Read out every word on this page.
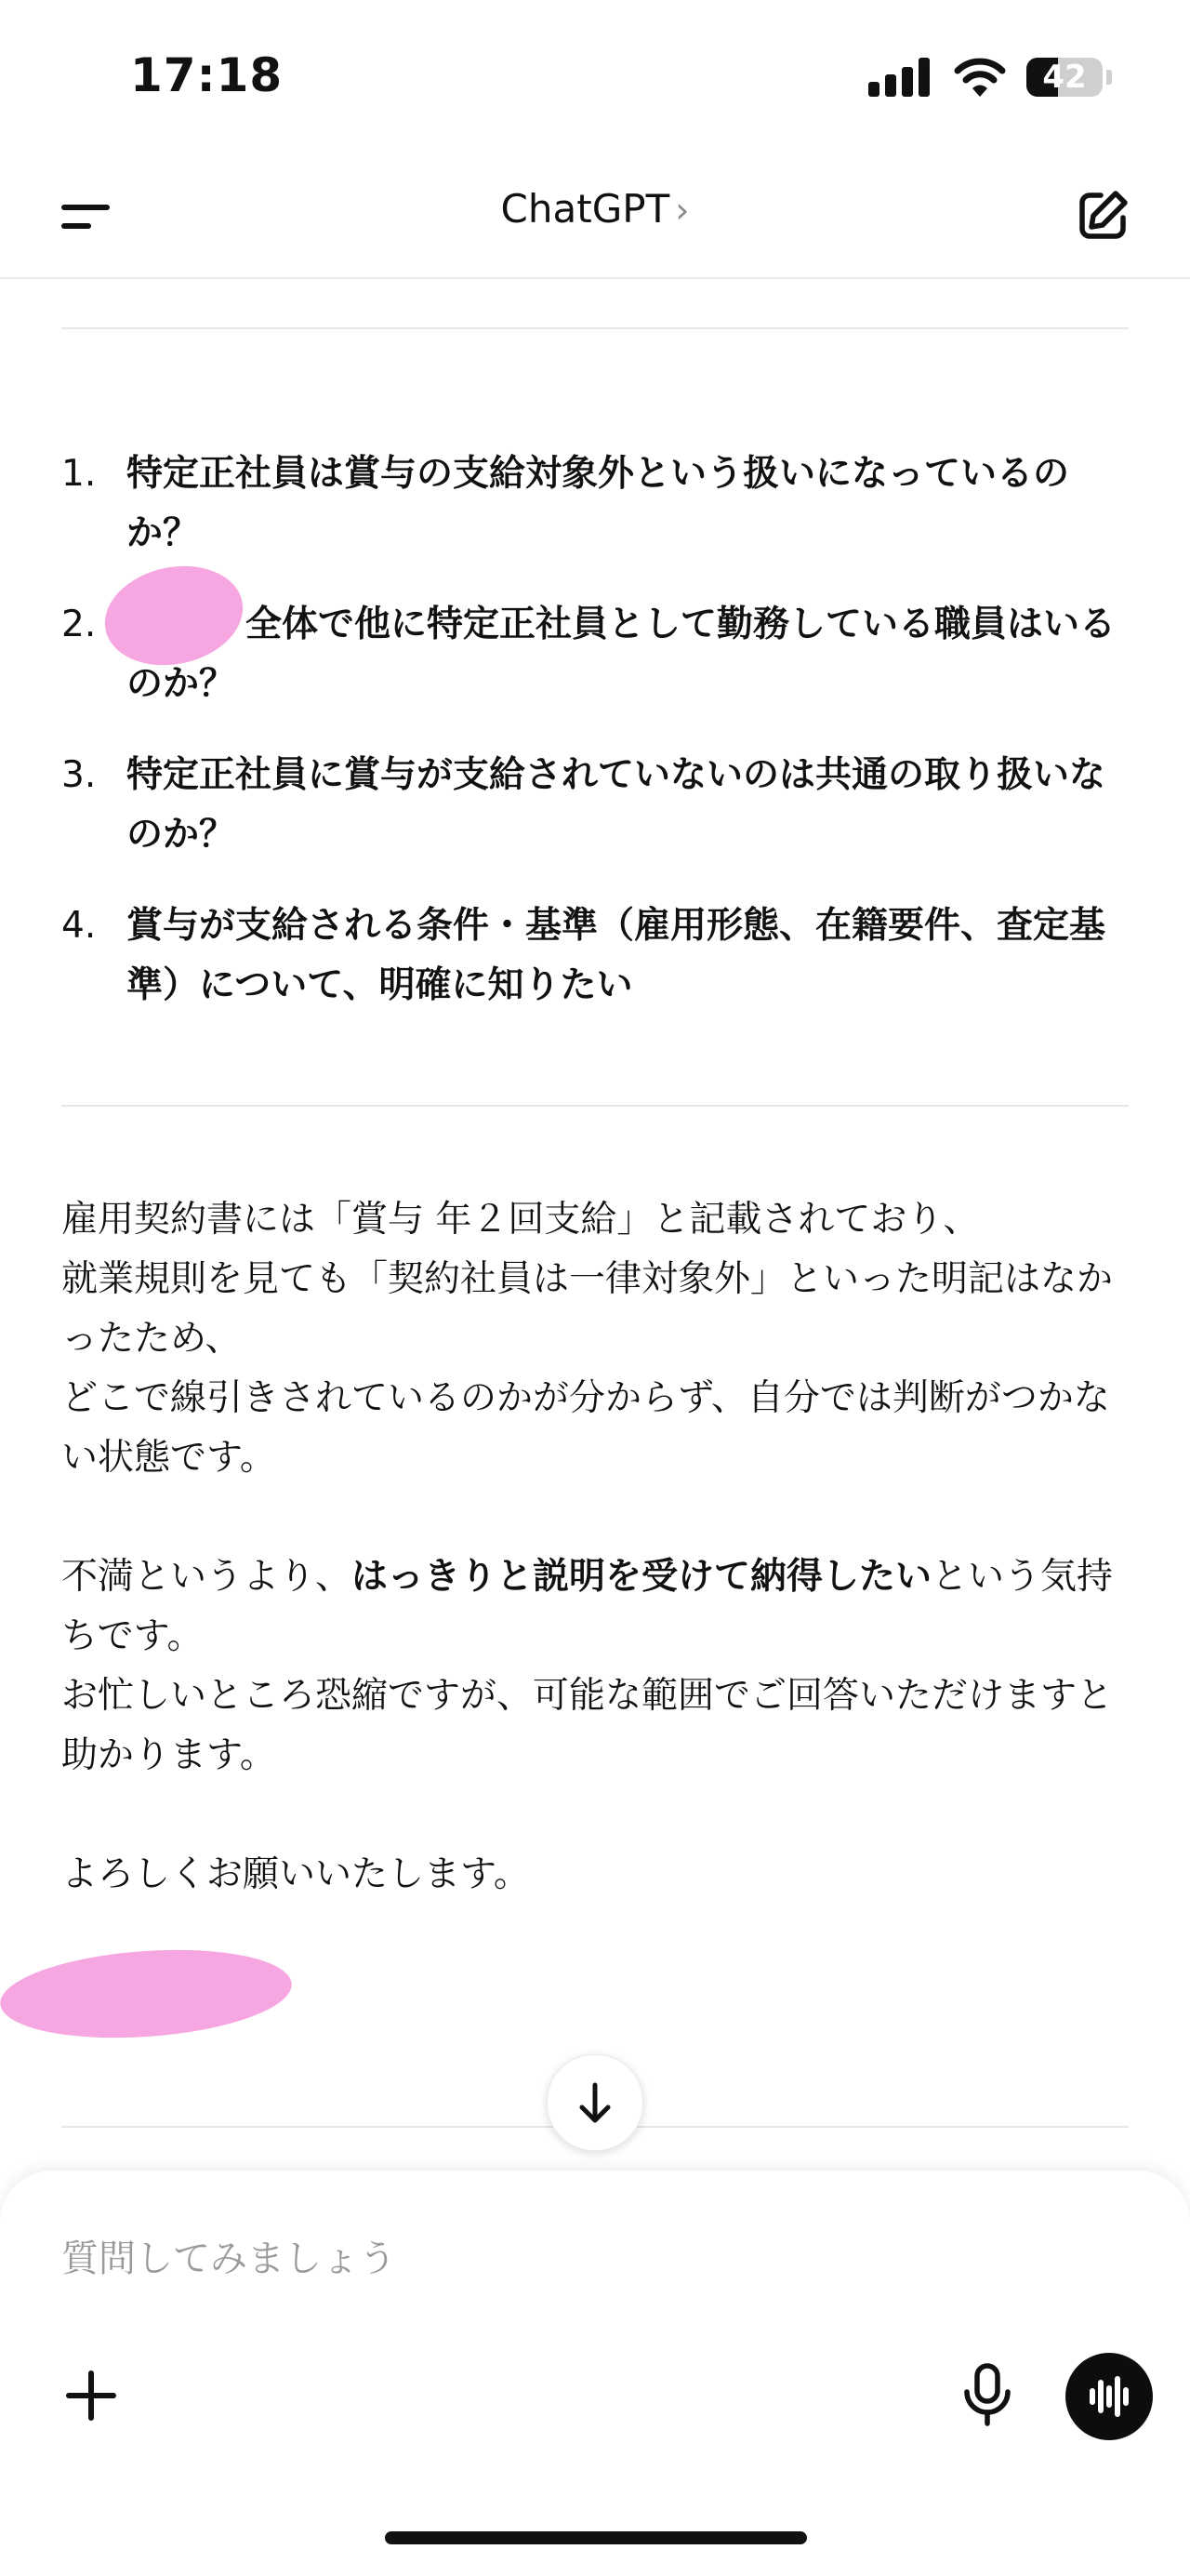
17:18	42
ChatGPT ›
1. 特定正社員は賞与の支給対象外という扱いになっているのか？
2.	全体で他に特定正社員として勤務している職員はいるのか？
3. 特定正社員に賞与が支給されていないのは共通の取り扱いなのか？
4. 賞与が支給される条件・基準（雇用形態、在籍要件、査定基準）について、明確に知りたい

雇用契約書には「賞与 年２回支給」と記載されており、

就業規則を見ても「契約社員は一律対象外」といった明記はなかったため、

どこで線引きされているのかが分からず、自分では判断がつかない状態です。

不満というより、はっきりと説明を受けて納得したいという気持ちです。

お忙しいところ恐縮ですが、可能な範囲でご回答いただけますと助かります。

よろしくお願いいたします。

質問してみましょう
